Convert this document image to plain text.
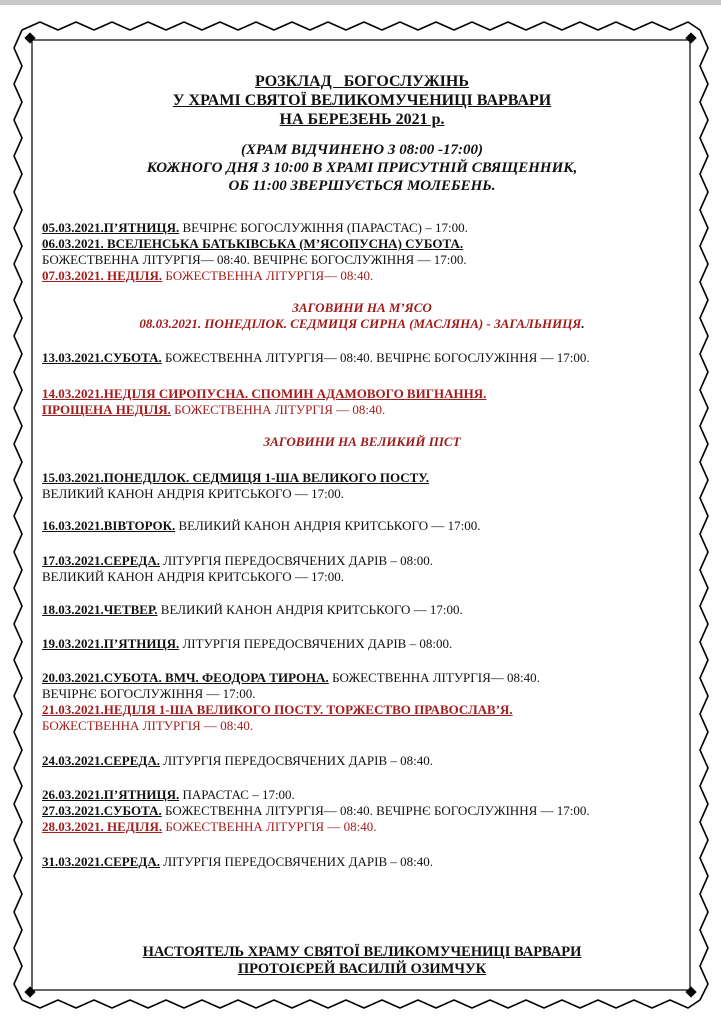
РОЗКЛАД   БОГОСЛУЖІНЬ
У ХРАМІ СВЯТОЇ ВЕЛИКОМУЧЕНИЦІ ВАРВАРИ
НА БЕРЕЗЕНЬ 2021 р.
(ХРАМ ВІДЧИНЕНО З 08:00 -17:00)
КОЖНОГО ДНЯ З 10:00 В ХРАМІ ПРИСУТНІЙ СВЯЩЕННИК,
ОБ 11:00 ЗВЕРШУЄТЬСЯ МОЛЕБЕНЬ.
05.03.2021.П’ЯТНИЦЯ. ВЕЧІРНЄ БОГОСЛУЖІННЯ (ПАРАСТАС) – 17:00.
06.03.2021. ВСЕЛЕНСЬКА БАТЬКІВСЬКА (М’ЯСОПУСНА) СУБОТА.
БОЖЕСТВЕННА ЛІТУРГІЯ— 08:40. ВЕЧІРНЄ БОГОСЛУЖІННЯ — 17:00.
07.03.2021. НЕДІЛЯ. БОЖЕСТВЕННА ЛІТУРГІЯ— 08:40.
ЗАГОВИНИ НА М’ЯСО
08.03.2021. ПОНЕДІЛОК. СЕДМИЦЯ СИРНА (МАСЛЯНА) - ЗАГАЛЬНИЦЯ.
13.03.2021.СУБОТА. БОЖЕСТВЕННА ЛІТУРГІЯ— 08:40. ВЕЧІРНЄ БОГОСЛУЖІННЯ — 17:00.
14.03.2021.НЕДІЛЯ СИРОПУСНА. СПОМИН АДАМОВОГО ВИГНАННЯ.
ПРОЩЕНА НЕДІЛЯ. БОЖЕСТВЕННА ЛІТУРГІЯ — 08:40.
ЗАГОВИНИ НА ВЕЛИКИЙ ПІСТ
15.03.2021.ПОНЕДІЛОК. СЕДМИЦЯ 1-ША ВЕЛИКОГО ПОСТУ.
ВЕЛИКИЙ КАНОН АНДРІЯ КРИТСЬКОГО — 17:00.
16.03.2021.ВІВТОРОК. ВЕЛИКИЙ КАНОН АНДРІЯ КРИТСЬКОГО — 17:00.
17.03.2021.СЕРЕДА. ЛІТУРГІЯ ПЕРЕДОСВЯЧЕНИХ ДАРІВ – 08:00.
ВЕЛИКИЙ КАНОН АНДРІЯ КРИТСЬКОГО — 17:00.
18.03.2021.ЧЕТВЕР. ВЕЛИКИЙ КАНОН АНДРІЯ КРИТСЬКОГО — 17:00.
19.03.2021.П’ЯТНИЦЯ. ЛІТУРГІЯ ПЕРЕДОСВЯЧЕНИХ ДАРІВ – 08:00.
20.03.2021.СУБОТА. ВМЧ. ФЕОДОРА ТИРОНА. БОЖЕСТВЕННА ЛІТУРГІЯ— 08:40.
ВЕЧІРНЄ БОГОСЛУЖІННЯ — 17:00.
21.03.2021.НЕДІЛЯ 1-ША ВЕЛИКОГО ПОСТУ. ТОРЖЕСТВО ПРАВОСЛАВ’Я.
БОЖЕСТВЕННА ЛІТУРГІЯ — 08:40.
24.03.2021.СЕРЕДА. ЛІТУРГІЯ ПЕРЕДОСВЯЧЕНИХ ДАРІВ – 08:40.
26.03.2021.П’ЯТНИЦЯ. ПАРАСТАС – 17:00.
27.03.2021.СУБОТА. БОЖЕСТВЕННА ЛІТУРГІЯ— 08:40. ВЕЧІРНЄ БОГОСЛУЖІННЯ — 17:00.
28.03.2021. НЕДІЛЯ. БОЖЕСТВЕННА ЛІТУРГІЯ — 08:40.
31.03.2021.СЕРЕДА. ЛІТУРГІЯ ПЕРЕДОСВЯЧЕНИХ ДАРІВ – 08:40.
НАСТОЯТЕЛЬ ХРАМУ СВЯТОЇ ВЕЛИКОМУЧЕНИЦІ ВАРВАРИ
ПРОТОІЄРЕЙ ВАСИЛІЙ ОЗИМЧУК
